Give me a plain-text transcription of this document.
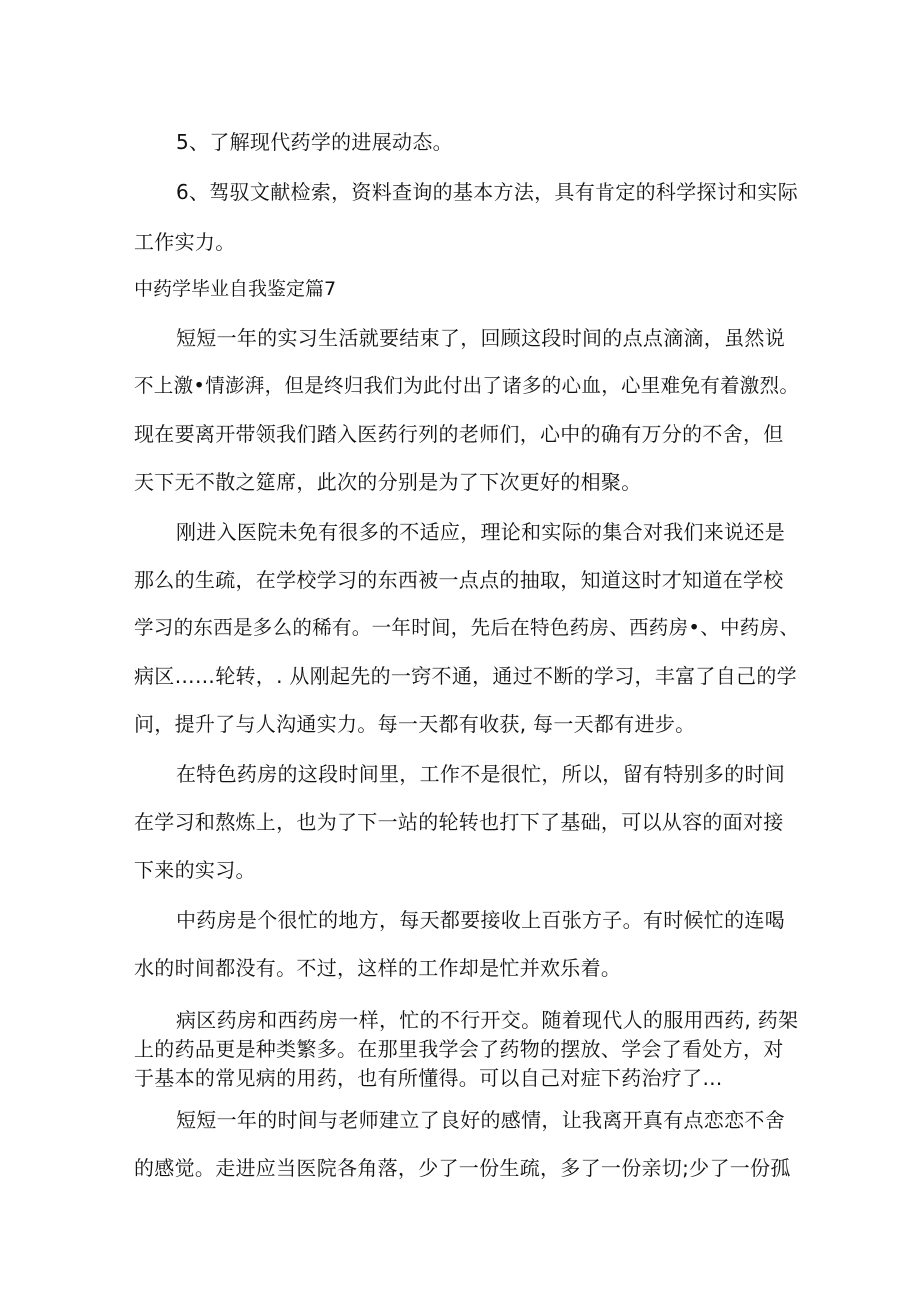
5、了解现代药学的进展动态。
6、驾驭文献检索，资料查询的基本方法，具有肯定的科学探讨和实际
工作实力。
中药学毕业自我鉴定篇7
短短一年的实习生活就要结束了，回顾这段时间的点点滴滴，虽然说
不上激•情澎湃，但是终归我们为此付出了诸多的心血，心里难免有着激烈。
现在要离开带领我们踏入医药行列的老师们，心中的确有万分的不舍，但
天下无不散之筵席，此次的分别是为了下次更好的相聚。
刚进入医院未免有很多的不适应，理论和实际的集合对我们来说还是
那么的生疏，在学校学习的东西被一点点的抽取，知道这时才知道在学校
学习的东西是多么的稀有。一年时间，先后在特色药房、西药房•、中药房、
病区……轮转，. 从刚起先的一窍不通，通过不断的学习，丰富了自己的学
问，提升了与人沟通实力。每一天都有收获, 每一天都有进步。
在特色药房的这段时间里，工作不是很忙，所以，留有特别多的时间
在学习和熬炼上，也为了下一站的轮转也打下了基础，可以从容的面对接
下来的实习。
中药房是个很忙的地方，每天都要接收上百张方子。有时候忙的连喝
水的时间都没有。不过，这样的工作却是忙并欢乐着。
病区药房和西药房一样，忙的不行开交。随着现代人的服用西药, 药架
上的药品更是种类繁多。在那里我学会了药物的摆放、学会了看处方，对
于基本的常见病的用药，也有所懂得。可以自己对症下药治疗了…
短短一年的时间与老师建立了良好的感情，让我离开真有点恋恋不舍
的感觉。走进应当医院各角落，少了一份生疏，多了一份亲切;少了一份孤
